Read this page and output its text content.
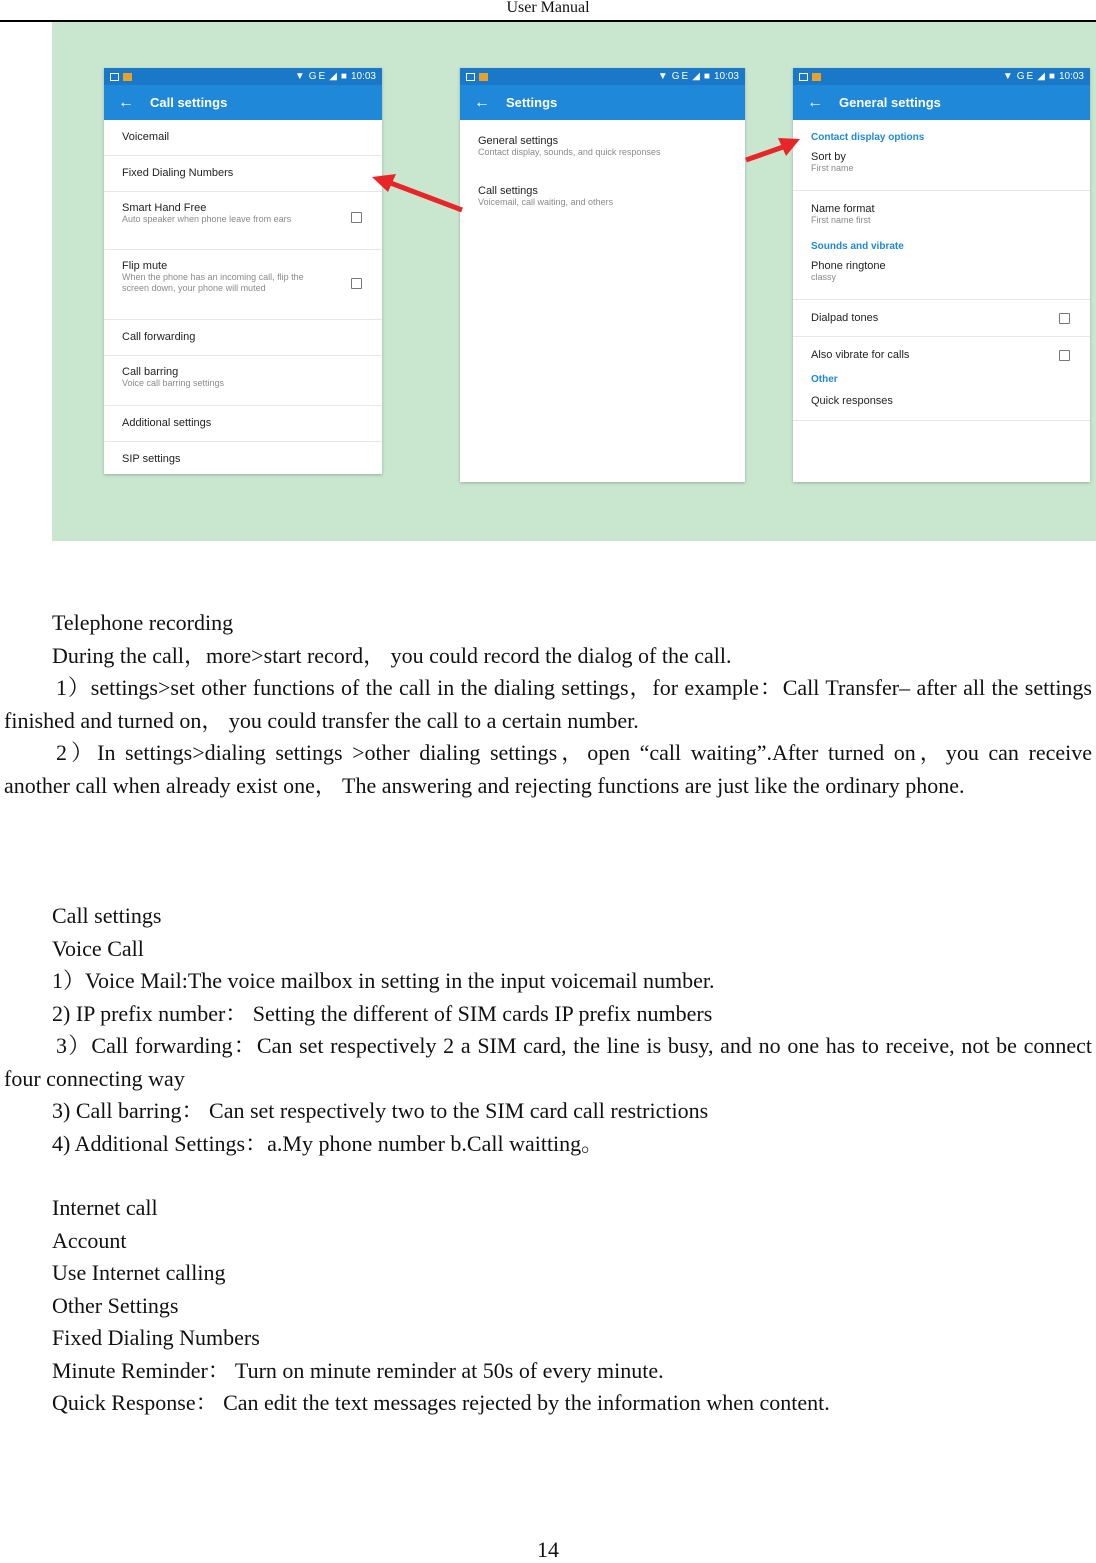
User Manual
▼ G E ◢ ■ 10:03
← Call settings
Voicemail
Fixed Dialing Numbers
Smart Hand Free
Auto speaker when phone leave from ears
Flip mute
When the phone has an incoming call, flip the screen down, your phone will muted
Call forwarding
Call barring
Voice call barring settings
Additional settings
SIP settings
▼ G E ◢ ■ 10:03
← Settings
General settings
Contact display, sounds, and quick responses
Call settings
Voicemail, call waiting, and others
▼ G E ◢ ■ 10:03
← General settings
Contact display options
Sort by
First name
Name format
First name first
Sounds and vibrate
Phone ringtone
classy
Dialpad tones
Also vibrate for calls
Other
Quick responses

Telephone recording

During the call，more>start record， you could record the dialog of the call.

1）settings>set other functions of the call in the dialing settings，for example：Call Transfer– after all the settings finished and turned on， you could transfer the call to a certain number.

2）In settings>dialing settings >other dialing settings，open “call waiting”.After turned on，you can receive another call when already exist one， The answering and rejecting functions are just like the ordinary phone.

Call settings

Voice Call

1）Voice Mail:The voice mailbox in setting in the input voicemail number.

2) IP prefix number： Setting the different of SIM cards IP prefix numbers

3）Call forwarding：Can set respectively 2 a SIM card, the line is busy, and no one has to receive, not be connect four connecting way

3) Call barring： Can set respectively two to the SIM card call restrictions

4) Additional Settings：a.My phone number b.Call waitting。

Internet call

Account

Use Internet calling

Other Settings

Fixed Dialing Numbers

Minute Reminder： Turn on minute reminder at 50s of every minute.

Quick Response： Can edit the text messages rejected by the information when content.

14
